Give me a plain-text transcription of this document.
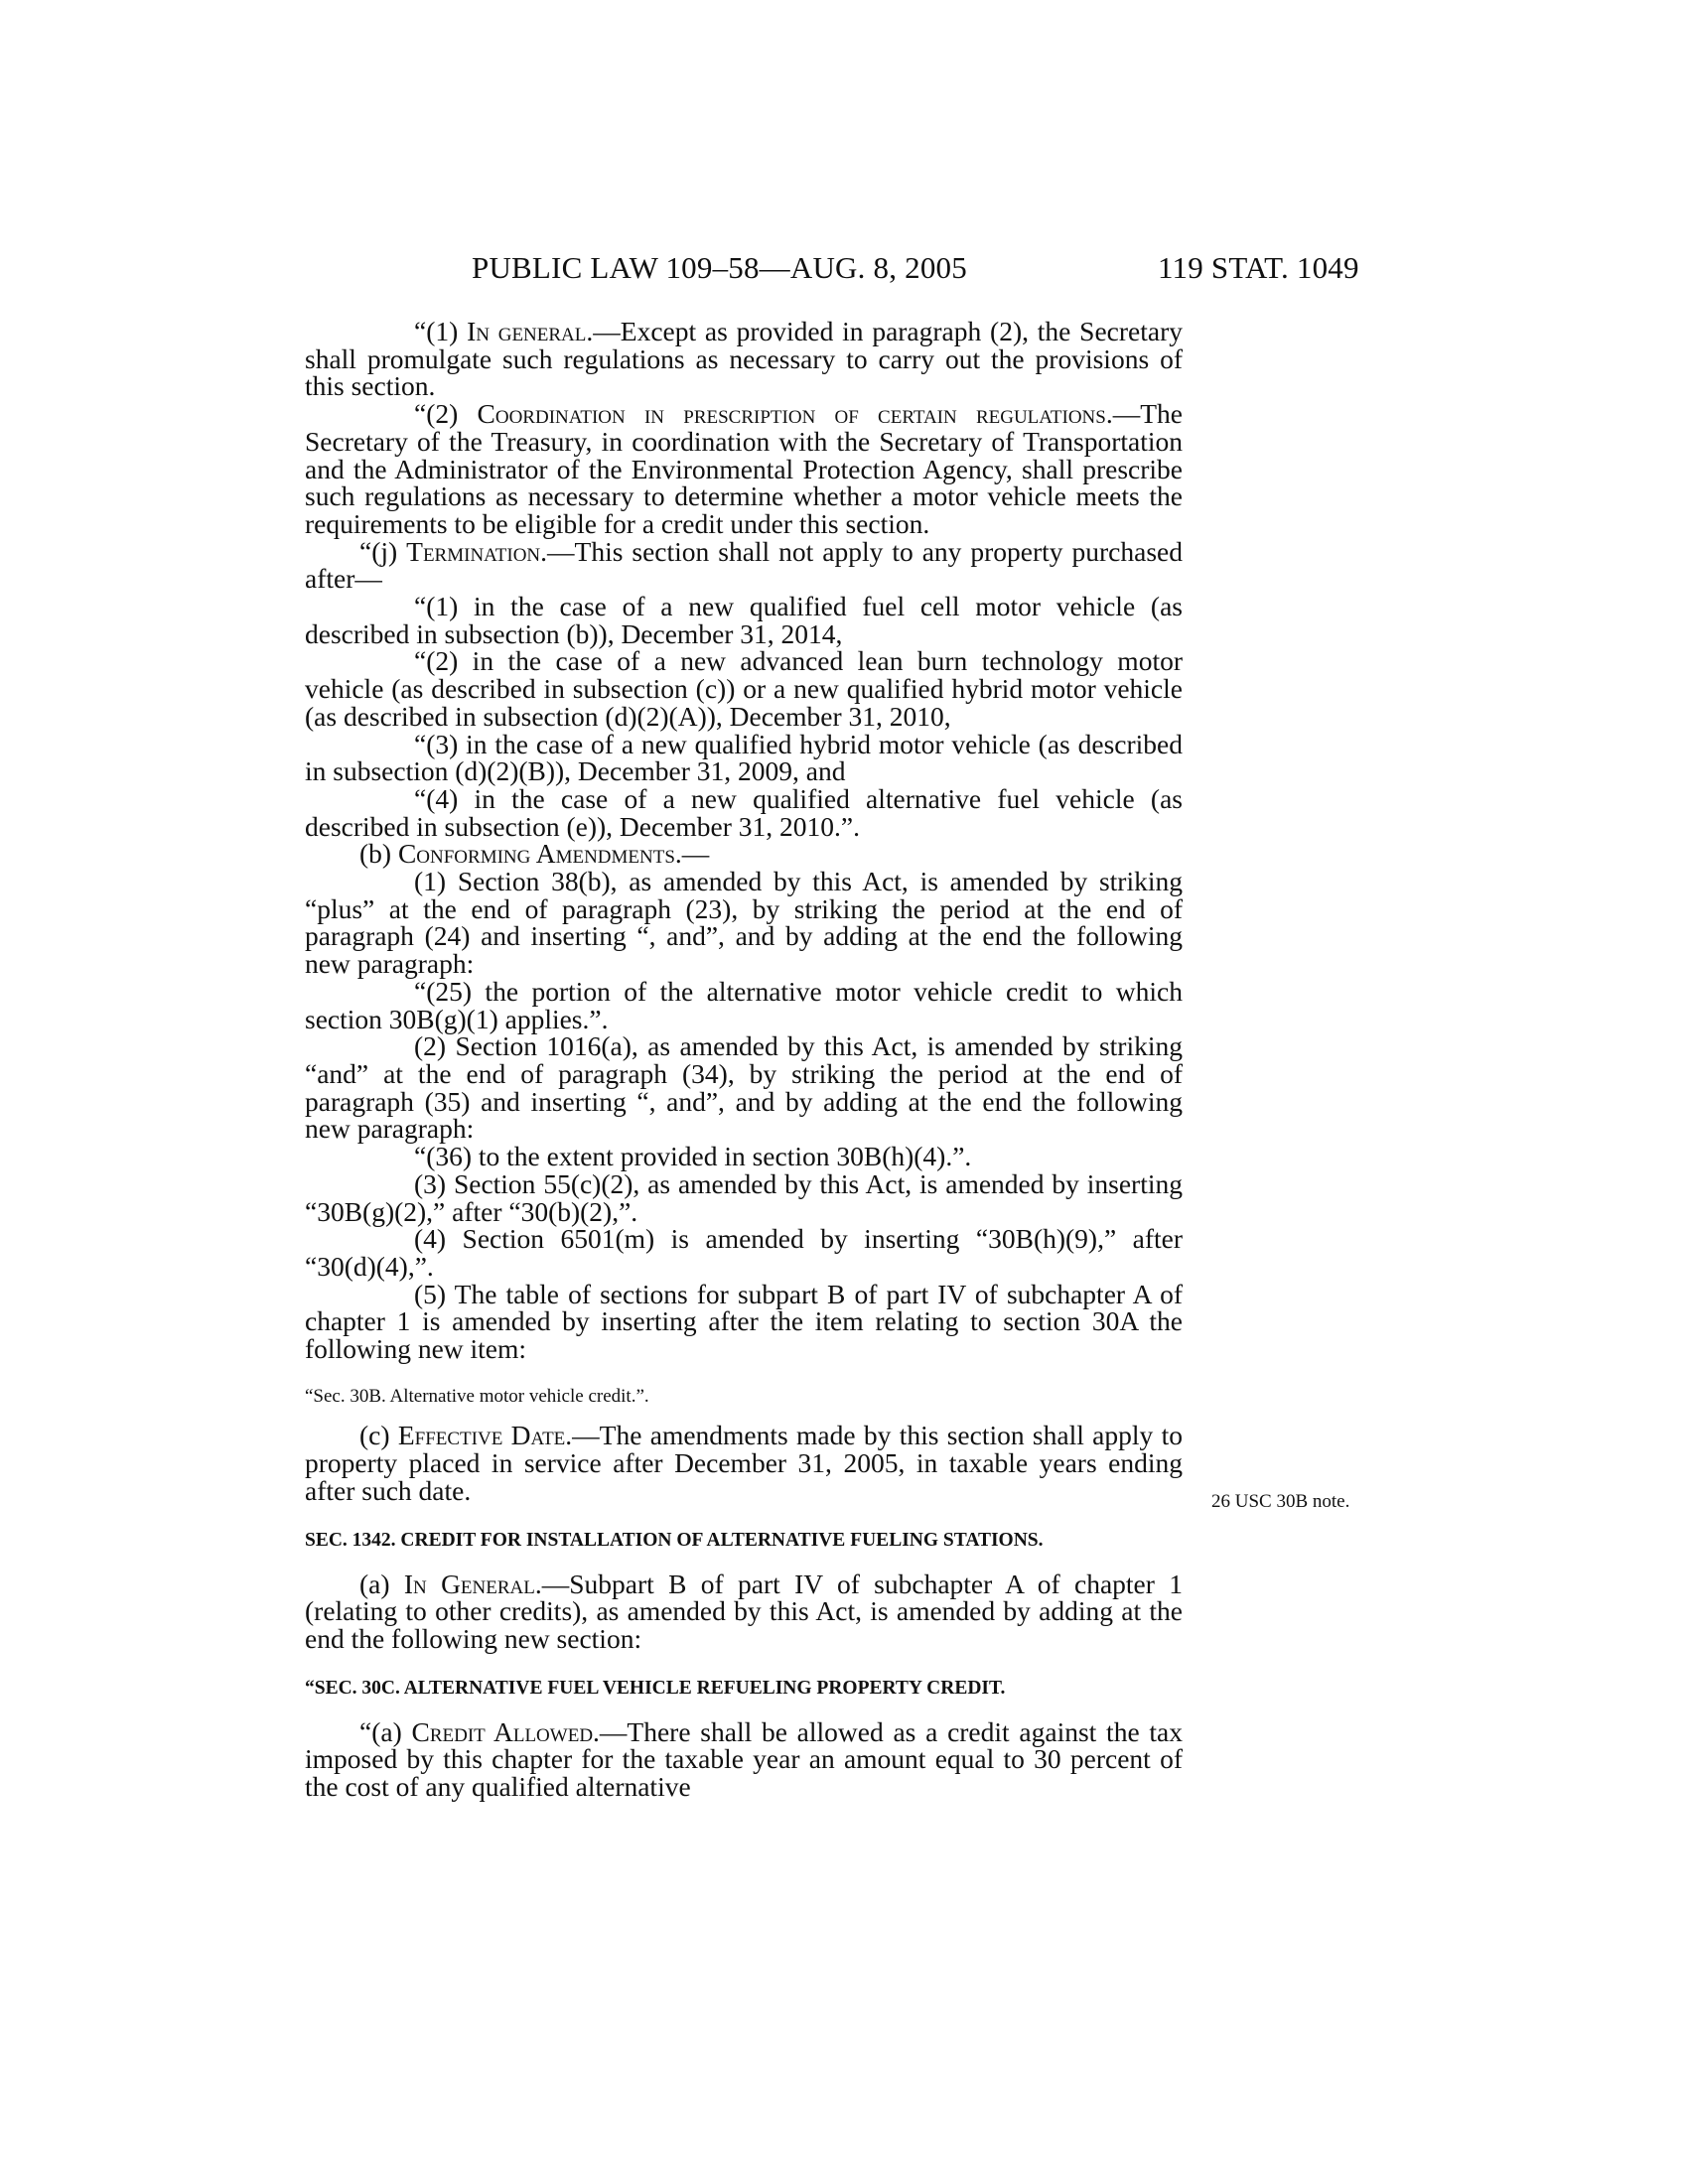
PUBLIC LAW 109–58—AUG. 8, 2005	119 STAT. 1049

“(1) In general.—Except as provided in paragraph (2), the Secretary shall promulgate such regulations as necessary to carry out the provisions of this section.

“(2) Coordination in prescription of certain regulations.—The Secretary of the Treasury, in coordination with the Secretary of Transportation and the Administrator of the Environmental Protection Agency, shall prescribe such regulations as necessary to determine whether a motor vehicle meets the requirements to be eligible for a credit under this section.

“(j) Termination.—This section shall not apply to any property purchased after—

“(1) in the case of a new qualified fuel cell motor vehicle (as described in subsection (b)), December 31, 2014,

“(2) in the case of a new advanced lean burn technology motor vehicle (as described in subsection (c)) or a new qualified hybrid motor vehicle (as described in subsection (d)(2)(A)), December 31, 2010,

“(3) in the case of a new qualified hybrid motor vehicle (as described in subsection (d)(2)(B)), December 31, 2009, and

“(4) in the case of a new qualified alternative fuel vehicle (as described in subsection (e)), December 31, 2010.”.

(b) Conforming Amendments.—

(1) Section 38(b), as amended by this Act, is amended by striking “plus” at the end of paragraph (23), by striking the period at the end of paragraph (24) and inserting “, and”, and by adding at the end the following new paragraph:

“(25) the portion of the alternative motor vehicle credit to which section 30B(g)(1) applies.”.

(2) Section 1016(a), as amended by this Act, is amended by striking “and” at the end of paragraph (34), by striking the period at the end of paragraph (35) and inserting “, and”, and by adding at the end the following new paragraph:

“(36) to the extent provided in section 30B(h)(4).”.

(3) Section 55(c)(2), as amended by this Act, is amended by inserting “30B(g)(2),” after “30(b)(2),”.

(4) Section 6501(m) is amended by inserting “30B(h)(9),” after “30(d)(4),”.

(5) The table of sections for subpart B of part IV of subchapter A of chapter 1 is amended by inserting after the item relating to section 30A the following new item:

“Sec. 30B. Alternative motor vehicle credit.”.

(c) Effective Date.—The amendments made by this section shall apply to property placed in service after December 31, 2005, in taxable years ending after such date.

SEC. 1342. CREDIT FOR INSTALLATION OF ALTERNATIVE FUELING STATIONS.

(a) In General.—Subpart B of part IV of subchapter A of chapter 1 (relating to other credits), as amended by this Act, is amended by adding at the end the following new section:

“SEC. 30C. ALTERNATIVE FUEL VEHICLE REFUELING PROPERTY CREDIT.

“(a) Credit Allowed.—There shall be allowed as a credit against the tax imposed by this chapter for the taxable year an amount equal to 30 percent of the cost of any qualified alternative

26 USC 30B note.
